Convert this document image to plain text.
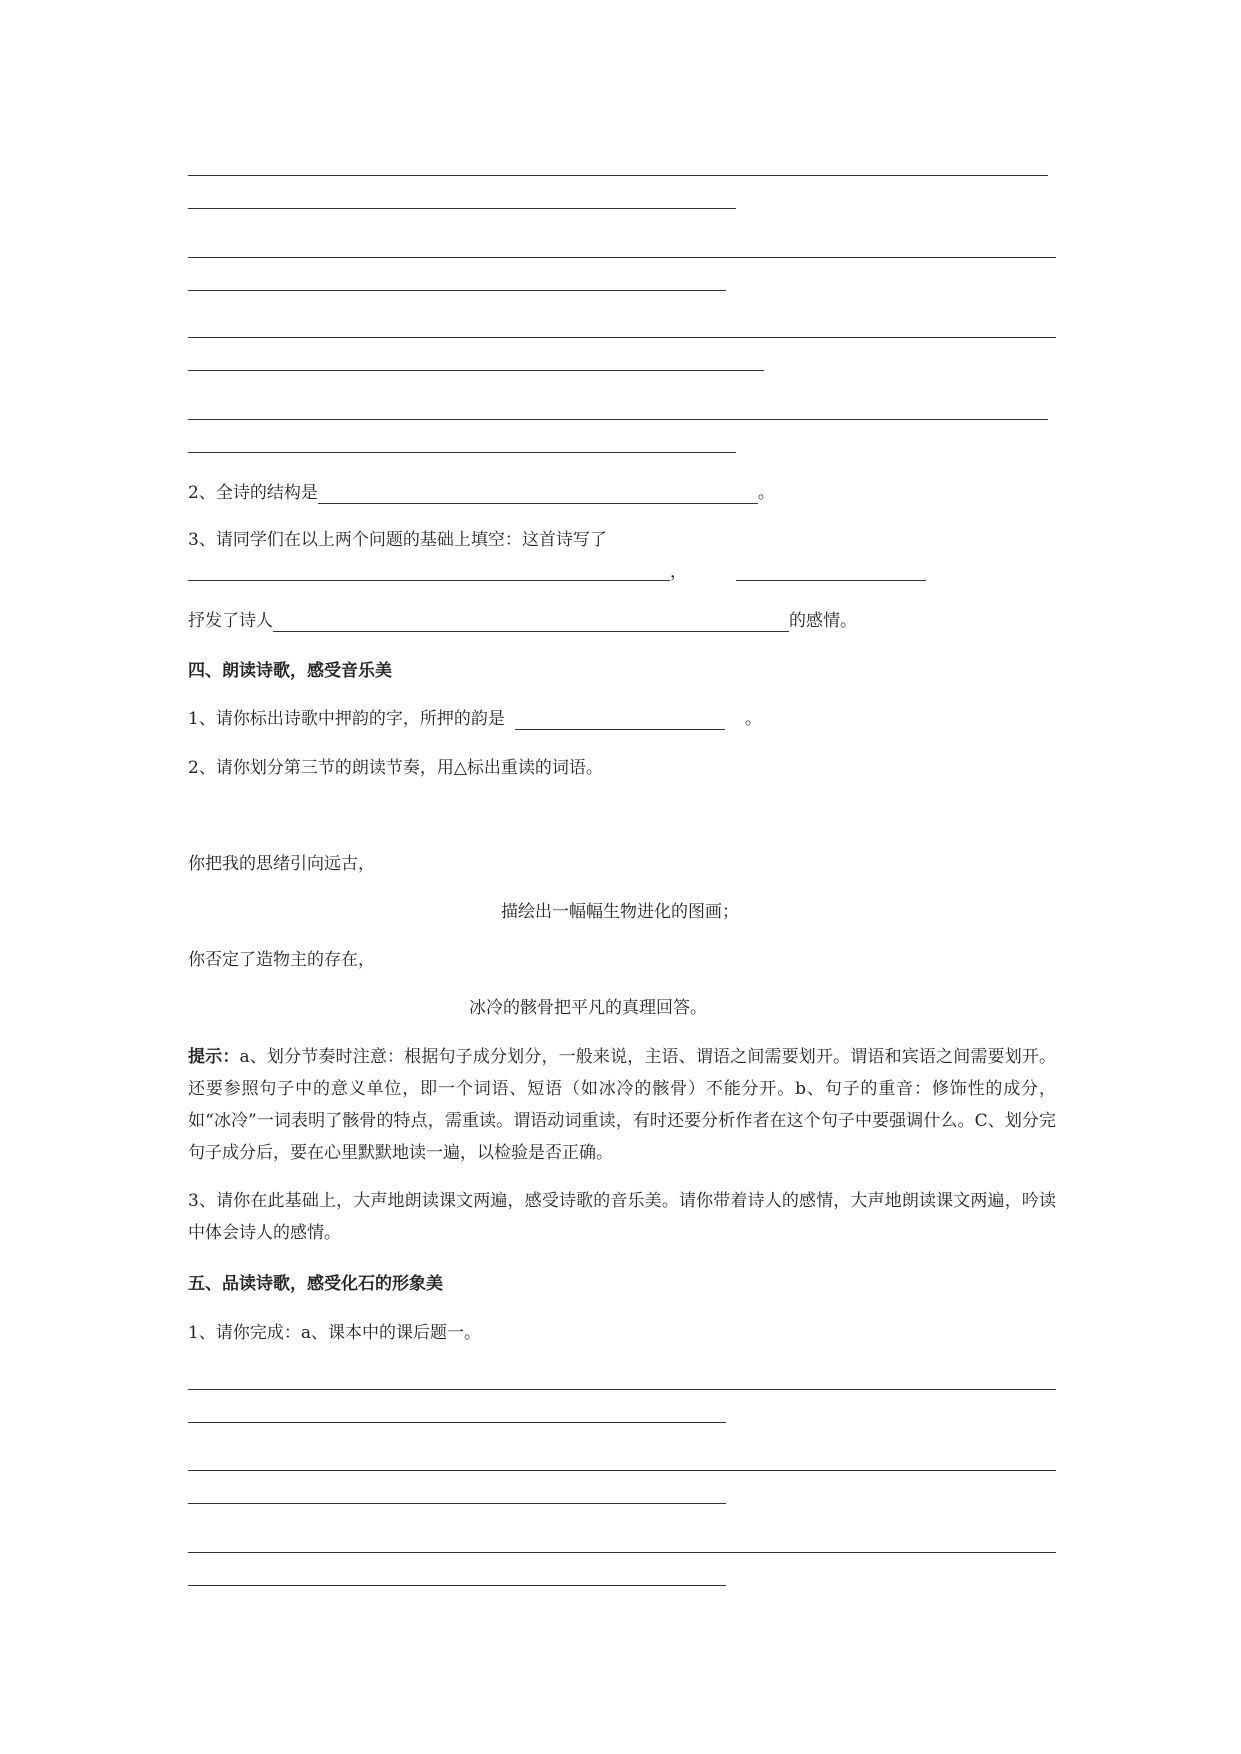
2、全诗的结构是	。
3、请同学们在以上两个问题的基础上填空：这首诗写了
，
抒发了诗人	的感情。
四、朗读诗歌，感受音乐美
1、请你标出诗歌中押韵的字，所押的韵是	。
2、请你划分第三节的朗读节奏，用△标出重读的词语。
你把我的思绪引向远古，
描绘出一幅幅生物进化的图画；
你否定了造物主的存在，
冰冷的骸骨把平凡的真理回答。
提示：a、划分节奏时注意：根据句子成分划分，一般来说，主语、谓语之间需要划开。谓语和宾语之间需要划开。还要参照句子中的意义单位，即一个词语、短语（如冰冷的骸骨）不能分开。b、句子的重音：修饰性的成分，如“冰冷”一词表明了骸骨的特点，需重读。谓语动词重读，有时还要分析作者在这个句子中要强调什么。C、划分完句子成分后，要在心里默默地读一遍，以检验是否正确。
3、请你在此基础上，大声地朗读课文两遍，感受诗歌的音乐美。请你带着诗人的感情，大声地朗读课文两遍，吟读中体会诗人的感情。
五、品读诗歌，感受化石的形象美
1、请你完成：a、课本中的课后题一。
